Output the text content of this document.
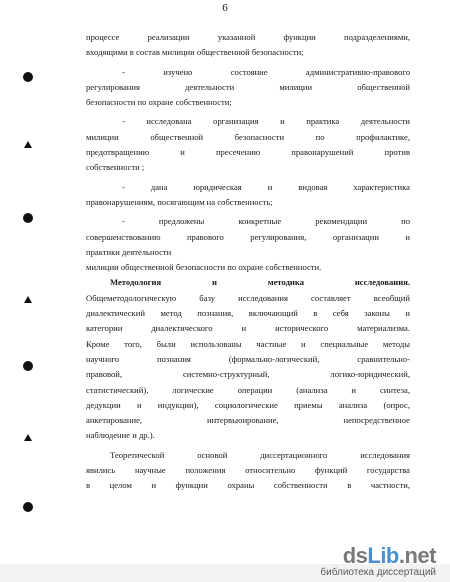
6
процессе реализации указанной функции подразделениями,
входящими в состав милиции общественной безопасности;
- изучено состояние административно-правового
регулирования деятельности милиции общественной
безопасности по охране собственности;
- исследована организация и практика деятельности
милиции общественной безопасности по профилактике,
предотвращению и пресечению правонарушений против
собственности ;
- дана юридическая и видовая характеристика
правонарушениям, посягающим на собственность;
- предложены конкретные рекомендации по
совершенствованию правового регулирования, организации и
практики деятельности
милиции общественной безопасности по охране собственности.
Методология и методика исследования.
Общеметодологическую базу исследования составляет всеобщий
диалектический метод познания, включающий в себя законы и
категории диалектического и исторического материализма.
Кроме того, были использованы частные и специальные методы
научного познания (формально-логический, сравнительно-
правовой, системно-структурный, логико-юридический,
статистический), логические операции (анализа и синтеза,
дедукции и индукции), социологические приемы анализа (опрос,
анкетирование, интервьюирование, непосредственное
наблюдение и др.).
Теоретической основой диссертационного исследования
явились научные положения относительно функций государства
в целом и функции охраны собственности в частности,
dsLib.net
библиотека диссертаций
